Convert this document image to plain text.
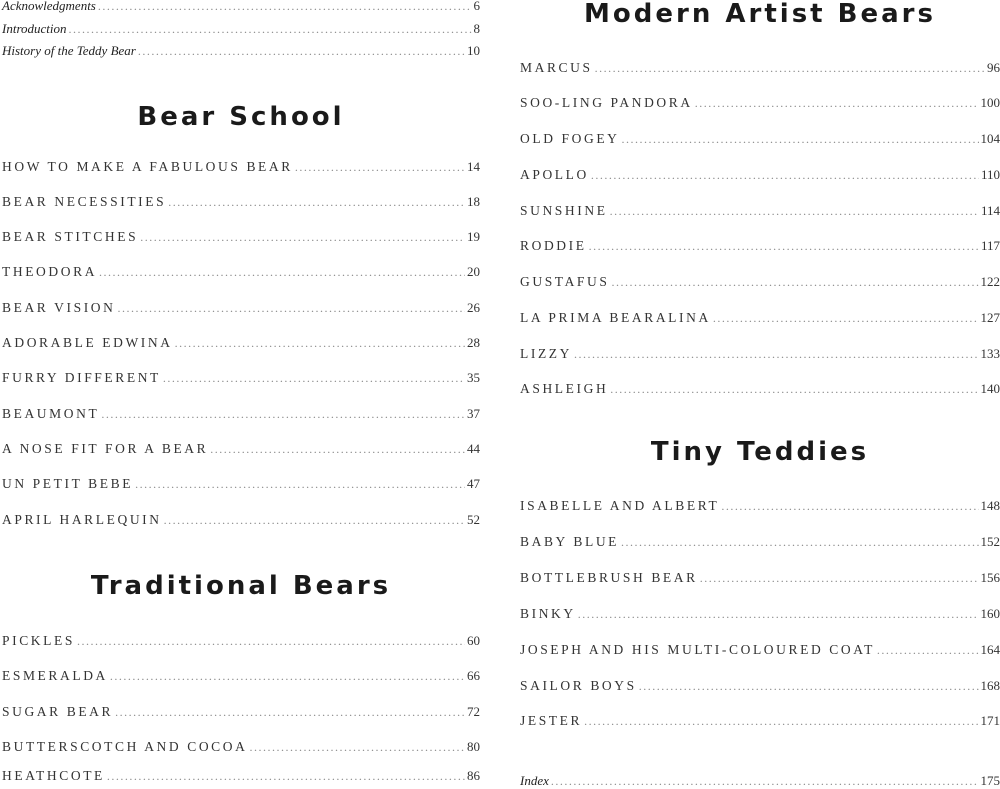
Acknowledgments .....	6
Introduction .....	8
History of the Teddy Bear .....	10
Bear School
HOW TO MAKE A FABULOUS BEAR .....	14
BEAR NECESSITIES .....	18
BEAR STITCHES .....	19
THEODORA .....	20
BEAR VISION .....	26
ADORABLE EDWINA .....	28
FURRY DIFFERENT .....	35
BEAUMONT .....	37
A NOSE FIT FOR A BEAR .....	44
UN PETIT BEBE .....	47
APRIL HARLEQUIN .....	52
Traditional Bears
PICKLES .....	60
ESMERALDA .....	66
SUGAR BEAR .....	72
BUTTERSCOTCH AND COCOA .....	80
HEATHCOTE .....	86
Modern Artist Bears
MARCUS .....	96
SOO-LING PANDORA .....	100
OLD FOGEY .....	104
APOLLO .....	110
SUNSHINE .....	114
RODDIE .....	117
GUSTAFUS .....	122
LA PRIMA BEARALINA .....	127
LIZZY .....	133
ASHLEIGH .....	140
Tiny Teddies
ISABELLE AND ALBERT .....	148
BABY BLUE .....	152
BOTTLEBRUSH BEAR .....	156
BINKY .....	160
JOSEPH AND HIS MULTI-COLOURED COAT .....	164
SAILOR BOYS .....	168
JESTER .....	171
Index .....	175
